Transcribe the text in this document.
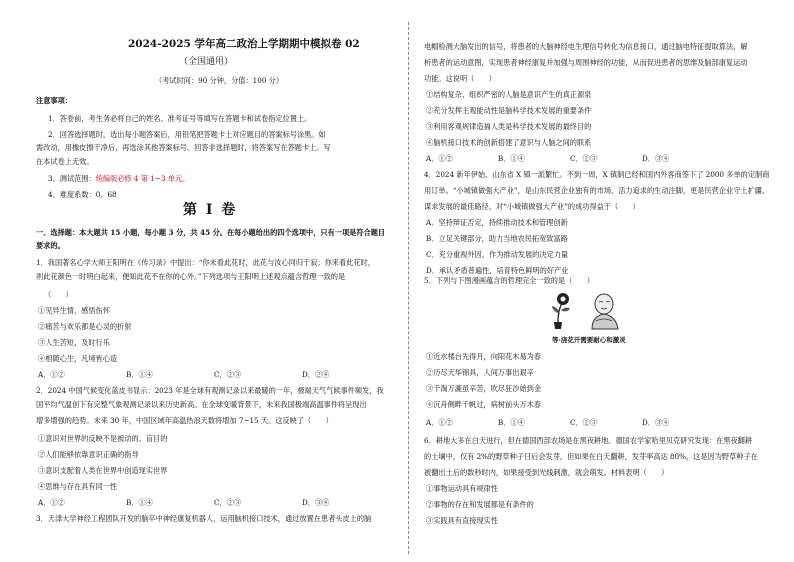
2024-2025 学年高二政治上学期期中模拟卷 02
（全国通用）
（考试时间：90 分钟，分值：100 分）
注意事项：
1．答卷前，考生务必将自己的姓名、准考证号等填写在答题卡和试卷指定位置上。
2．回答选择题时，选出每小题答案后，用铅笔把答题卡上对应题目的答案标号涂黑。如
需改动，用橡皮擦干净后，再选涂其他答案标号。回答非选择题时，将答案写在答题卡上。写
在本试卷上无效。
3．测试范围：统编版必修 4 第 1~3 单元。
4．难度系数：0．68
第 I 卷
一、选择题：本大题共 15 小题，每小题 3 分，共 45 分。在每小题给出的四个选项中，只有一项是符合题目
要求的。
1．我国著名心学大师王阳明在《传习录》中提出：“你未看此花时，此花与汝心同归于寂；你来看此花时，
则此花颜色一时明白起来，便知此花不在你的心外。”下列选项与王阳明上述观点蕴含哲理一致的是
（　　）
①见异生情，感悟伤怀
②痛苦与欢乐都是心灵的折射
③人生苦短，及时行乐
④相随心生，凡境皆心造
A．①②	B．①④	C．②③	D．②④
2．2024 中国气候变化蓝皮书显示：2023 年是全球有观测记录以来最暖的一年，极端天气气候事件频发，我
国平均气温创下有完整气象观测记录以来历史新高。在全球变暖背景下，未来我国极端高温事件将呈现出
增多增强的趋势。未来 30 年，中国区域年高温热浪天数将增加 7~15 天。这反映了（　　）
①意识对世界的反映不是被动的、盲目的
②人们能够依靠意识正确的指导
③意识支配着人类在世界中创造现实世界
④思维与存在具有同一性
A．①②	B．①④	C．②③	D．③④
3．天津大学神经工程团队开发的脑卒中神经康复机器人，运用脑机接口技术，通过放置在患者头皮上的脑
电帽检测大脑发出的信号，将患者的大脑神经电生理信号转化为信息接口，通过脑电特征提取算法，解
析患者的运动意图，实现患者神经康复并加强与周围神经的功能，从而促进患者的思维及脑部康复运动
功能。这说明（　　）
①结构复杂、组织严密的人脑是意识产生的真正源泉
②充分发挥主观能动性是脑科学技术发展的重要条件
③利用客观规律造福人类是科学技术发展的最终目的
④脑机接口技术的创新搭建了意识与人脑之间的联系
A．①②	B．①④	C．②③	D．③④
4．2024 新年伊始，山东省 X 镇一派繁忙。不到一周，X 镇制已经和国内外客商签下了 2000 多单的定制商
用订单。“小城镇做强大产业”，是山东民营企业独有的市场、活力追求的生动注脚，更是民营企业守土扩疆、
谋求发展的最佳路径。对“小城镇做强大产业”的成功得益于（　　）
A．坚持辩证否定，持续推动技术和管理创新
B．立足关键部分，助力当地农民拓宽致富路
C．充分重视外因，作为推动发展的决定力量
D．承认矛盾普遍性，培育特色鲜明的好产业
5．下列与下图漫画蕴含的哲理完全一致的是（　　）
等·浇花开需要耐心和激灵
①近水楼台先得月，向阳花木易为春
②历尽天华锦具，人间万事出艰辛
③千淘万漉虽辛苦，吹尽狂沙始到金
④沉舟侧畔千帆过，病树前头万木春
A．①②	B．①④	C．②③	D．③④
6．耕地大多在白天进行，但在德国西部农场是在黑夜耕地。德国农学家哈里贝克研究发现：在黑夜翻耕
的土壤中，仅有 2%的野草种子日后会发芽，但如果在白天翻耕，发芽率高达 80%，这是因为野草种子在
被翻出土后的数秒时内，如果接受到光线刺激，就会萌发。材料表明（　　）
①事物运动具有规律性
②事物的存在和发展都是有条件的
③实践具有直接现实性
